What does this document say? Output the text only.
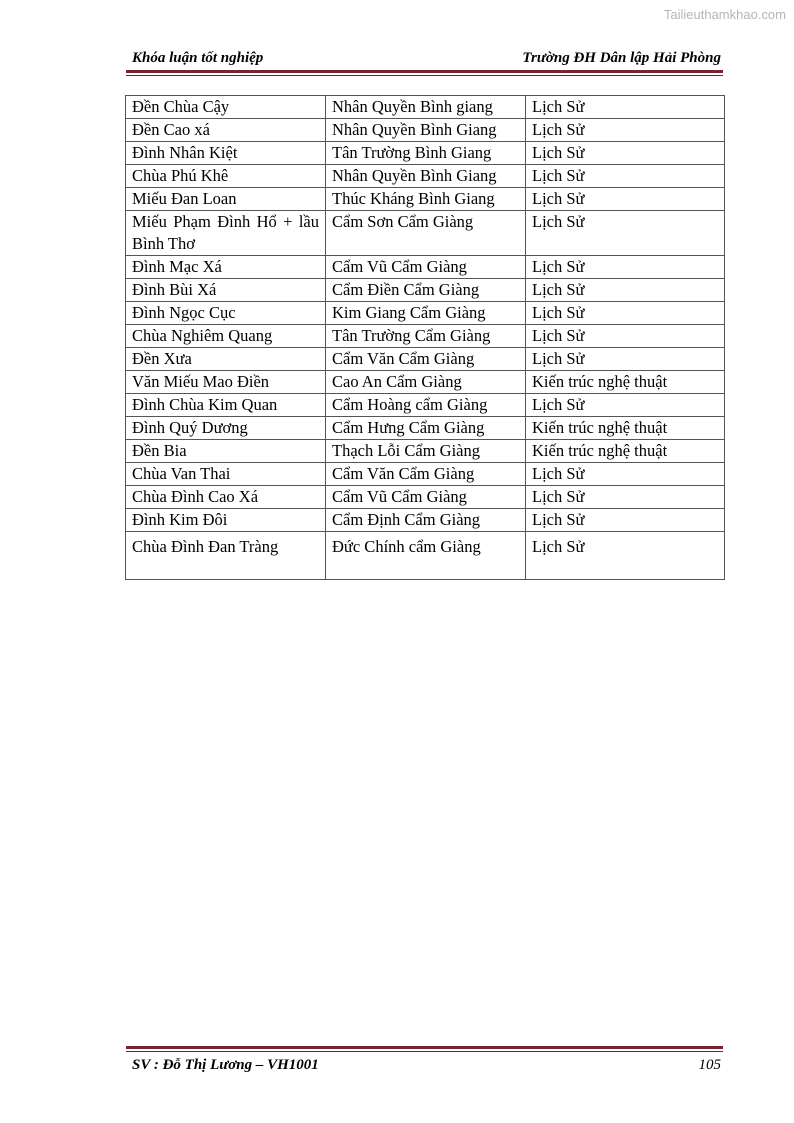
Tailieuthamkhao.com
Khóa luận tốt nghiệp	Trường ĐH Dân lập Hải Phòng
Đền Chùa Cậy	Nhân Quyền Bình giang	Lịch Sử
Đền Cao xá	Nhân Quyền Bình Giang	Lịch Sử
Đình Nhân Kiệt	Tân Trường Bình Giang	Lịch Sử
Chùa Phú Khê	Nhân Quyền Bình Giang	Lịch Sử
Miếu Đan Loan	Thúc Kháng Bình Giang	Lịch Sử
Miếu Phạm Đình Hổ + lầu Bình Thơ	Cẩm Sơn Cẩm Giàng	Lịch Sử
Đình Mạc Xá	Cẩm Vũ Cẩm Giàng	Lịch Sử
Đình Bùi Xá	Cẩm Điền Cẩm Giàng	Lịch Sử
Đình Ngọc Cục	Kim Giang Cẩm Giàng	Lịch Sử
Chùa Nghiêm Quang	Tân Trường Cẩm Giàng	Lịch Sử
Đền Xưa	Cẩm Văn Cẩm Giàng	Lịch Sử
Văn Miếu Mao Điền	Cao An Cẩm Giàng	Kiến trúc nghệ thuật
Đình Chùa Kim Quan	Cẩm Hoàng cẩm Giàng	Lịch Sử
Đình Quý Dương	Cẩm Hưng Cẩm Giàng	Kiến trúc nghệ thuật
Đền Bia	Thạch Lỗi Cẩm Giàng	Kiến trúc nghệ thuật
Chùa Van Thai	Cẩm Văn Cẩm Giàng	Lịch Sử
Chùa Đình Cao Xá	Cẩm Vũ Cẩm Giàng	Lịch Sử
Đình Kim Đôi	Cẩm Định Cẩm Giàng	Lịch Sử
Chùa Đình Đan Tràng	Đức Chính cẩm Giàng	Lịch Sử
SV : Đỗ Thị Lương – VH1001	105
